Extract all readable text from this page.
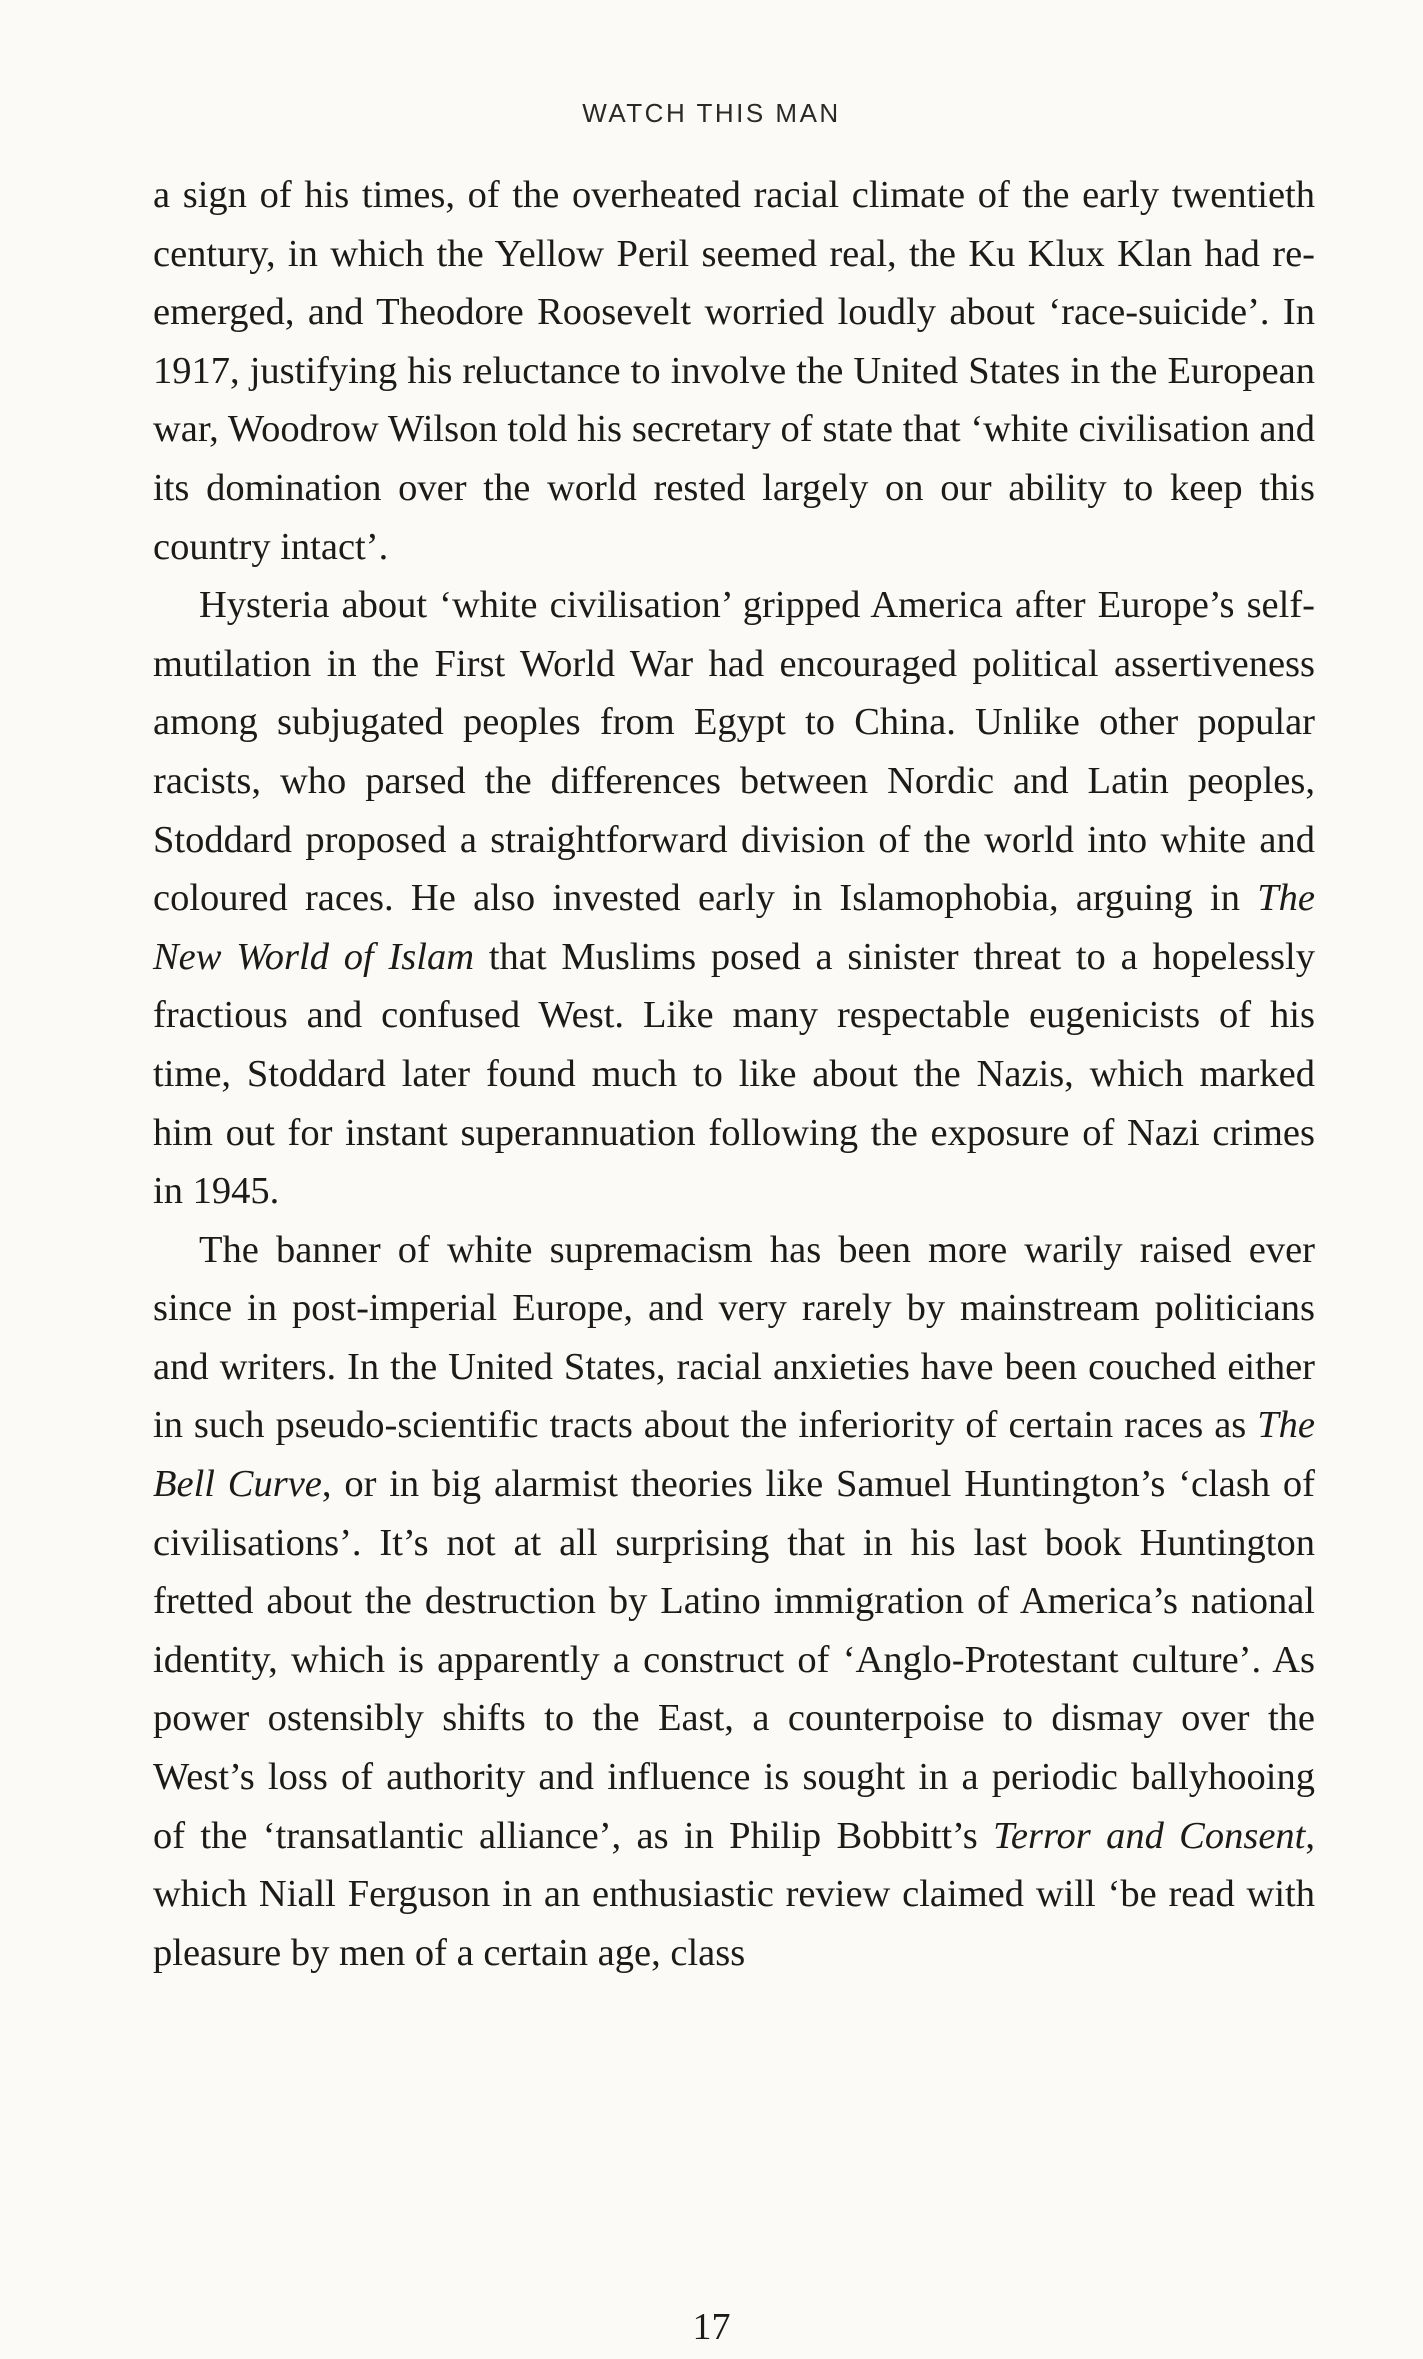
WATCH THIS MAN

a sign of his times, of the overheated racial climate of the early twentieth century, in which the Yellow Peril seemed real, the Ku Klux Klan had re-emerged, and Theodore Roosevelt worried loudly about ‘race-suicide’. In 1917, justifying his reluctance to involve the United States in the European war, Woodrow Wilson told his secretary of state that ‘white civilisation and its domination over the world rested largely on our ability to keep this country intact’.

Hysteria about ‘white civilisation’ gripped America after Europe’s self-mutilation in the First World War had encouraged political assertiveness among subjugated peoples from Egypt to China. Unlike other popular racists, who parsed the differences between Nordic and Latin peoples, Stoddard proposed a straightforward division of the world into white and coloured races. He also invested early in Islamophobia, arguing in The New World of Islam that Muslims posed a sinister threat to a hopelessly fractious and confused West. Like many respectable eugenicists of his time, Stoddard later found much to like about the Nazis, which marked him out for instant superannuation following the exposure of Nazi crimes in 1945.

The banner of white supremacism has been more warily raised ever since in post-imperial Europe, and very rarely by mainstream politicians and writers. In the United States, racial anxieties have been couched either in such pseudo-scientific tracts about the inferiority of certain races as The Bell Curve, or in big alarmist theories like Samuel Huntington’s ‘clash of civilisations’. It’s not at all surprising that in his last book Huntington fretted about the destruction by Latino immigration of America’s national identity, which is apparently a construct of ‘Anglo-Protestant culture’. As power ostensibly shifts to the East, a counterpoise to dismay over the West’s loss of authority and influence is sought in a periodic ballyhooing of the ‘transatlantic alliance’, as in Philip Bobbitt’s Terror and Consent, which Niall Ferguson in an enthusiastic review claimed will ‘be read with pleasure by men of a certain age, class

17
